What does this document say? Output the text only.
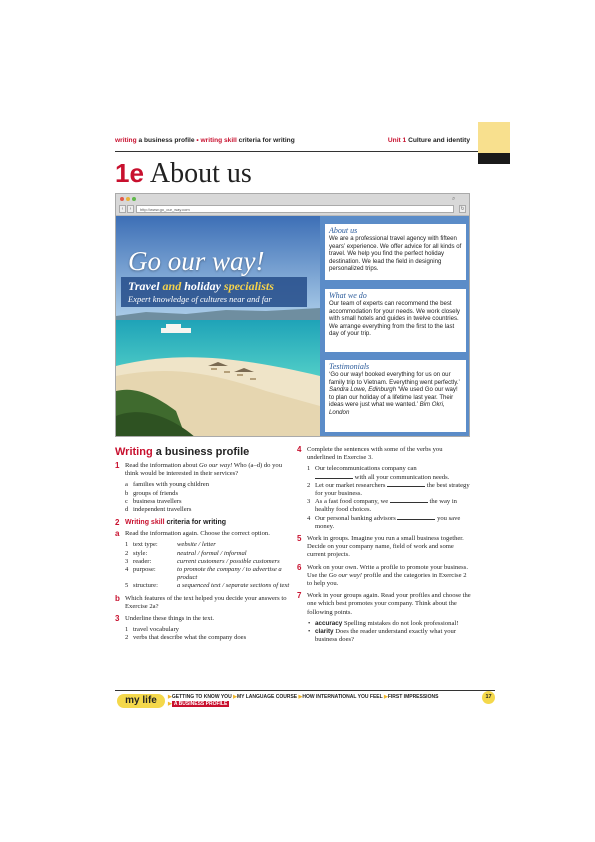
writing a business profile • writing skill criteria for writing	Unit 1 Culture and identity
1e About us
‹	›	http://www.go_our_way.com	↻
⌕
Go our way!
Travel and holiday specialists
Expert knowledge of cultures near and far
About us

We are a professional travel agency with fifteen years’ experience. We offer advice for all kinds of travel. We help you find the perfect holiday destination. We lead the field in designing personalized trips.

What we do

Our team of experts can recommend the best accommodation for your needs. We work closely with small hotels and guides in twelve countries. We arrange everything from the first to the last day of your trip.

Testimonials

‘Go our way! booked everything for us on our family trip to Vietnam. Everything went perfectly.’ Sandra Lowe, Edinburgh ‘We used Go our way! to plan our holiday of a lifetime last year. Their ideas were just what we wanted.’ Bim Okri, London

Writing a business profile
1 Read the information about Go our way! Who (a–d) do you think would be interested in their services?
a families with young children
b groups of friends
c business travellers
d independent travellers
2 Writing skill criteria for writing
a Read the information again. Choose the correct option.
1 text type:	website / letter
2 style:	neutral / formal / informal
3 reader:	current customers / possible customers
4 purpose:	to promote the company / to advertise a product
5 structure:	a sequenced text / separate sections of text
b Which features of the text helped you decide your answers to Exercise 2a?
3 Underline these things in the text.
1 travel vocabulary
2 verbs that describe what the company does
4 Complete the sentences with some of the verbs you underlined in Exercise 3.
1 Our telecommunications company can
with all your communication needs.
2 Let our market researchers	the best strategy for your business.
3 As a fast food company, we	the way in healthy food choices.
4 Our personal banking advisors	you save money.
5 Work in groups. Imagine you run a small business together. Decide on your company name, field of work and some current projects.
6 Work on your own. Write a profile to promote your business. Use the Go our way! profile and the categories in Exercise 2 to help you.
7 Work in your groups again. Read your profiles and choose the one which best promotes your company. Think about the following points.
• accuracy Spelling mistakes do not look professional!
• clarity Does the reader understand exactly what your business does?
my life	▶GETTING TO KNOW YOU ▶MY LANGUAGE COURSE ▶HOW INTERNATIONAL YOU FEEL ▶FIRST IMPRESSIONS
▶ A BUSINESS PROFILE
17
